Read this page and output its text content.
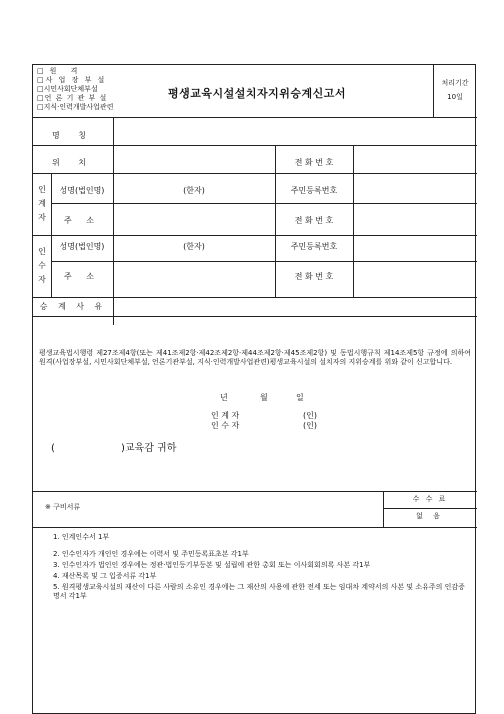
□원 격
□사 업 장 부 설
□시민사회단체부설
□언 론 기 관 부 설
□지식·인력개발사업관련
평생교육시설설치자지위승계신고서
처리기간
10일
명 칭
위 치	전 화 번 호
인
계
자
성명(법인명)	(한자)	주민등록번호
주 소	전 화 번 호
인
수
자
성명(법인명)	(한자)	주민등록번호
주 소	전 화 번 호
승 계 사 유
평생교육법시행령 제27조제4항(또는 제41조제2항·제42조제2항·제44조제2항·제45조제2항) 및 동법시행규칙 제14조제5항 규정에 의하여 원격(사업장부설, 시민사회단체부설, 언론기관부설, 지식·인력개발사업관련)평생교육시설의 설치자의 지위승계를 위와 같이 신고합니다.
년	월	일
인 계 자	(인)
인 수 자	(인)
(	)교육감 귀하
※ 구비서류
수 수 료
없 음
1. 인계인수서 1부
2. 인수인자가 개인인 경우에는 이력서 및 주민등록표초본 각1부
3. 인수인자가 법인인 경우에는 정관·법인등기부등본 및 설립에 관한 총회 또는 이사회회의록 사본 각1부
4. 재산목록 및 그 입증서류 각1부
5. 원격평생교육시설의 재산이 다른 사람의 소유인 경우에는 그 재산의 사용에 관한 전세 또는 임대차 계약서의 사본 및 소유주의 인감증명서 각1부
